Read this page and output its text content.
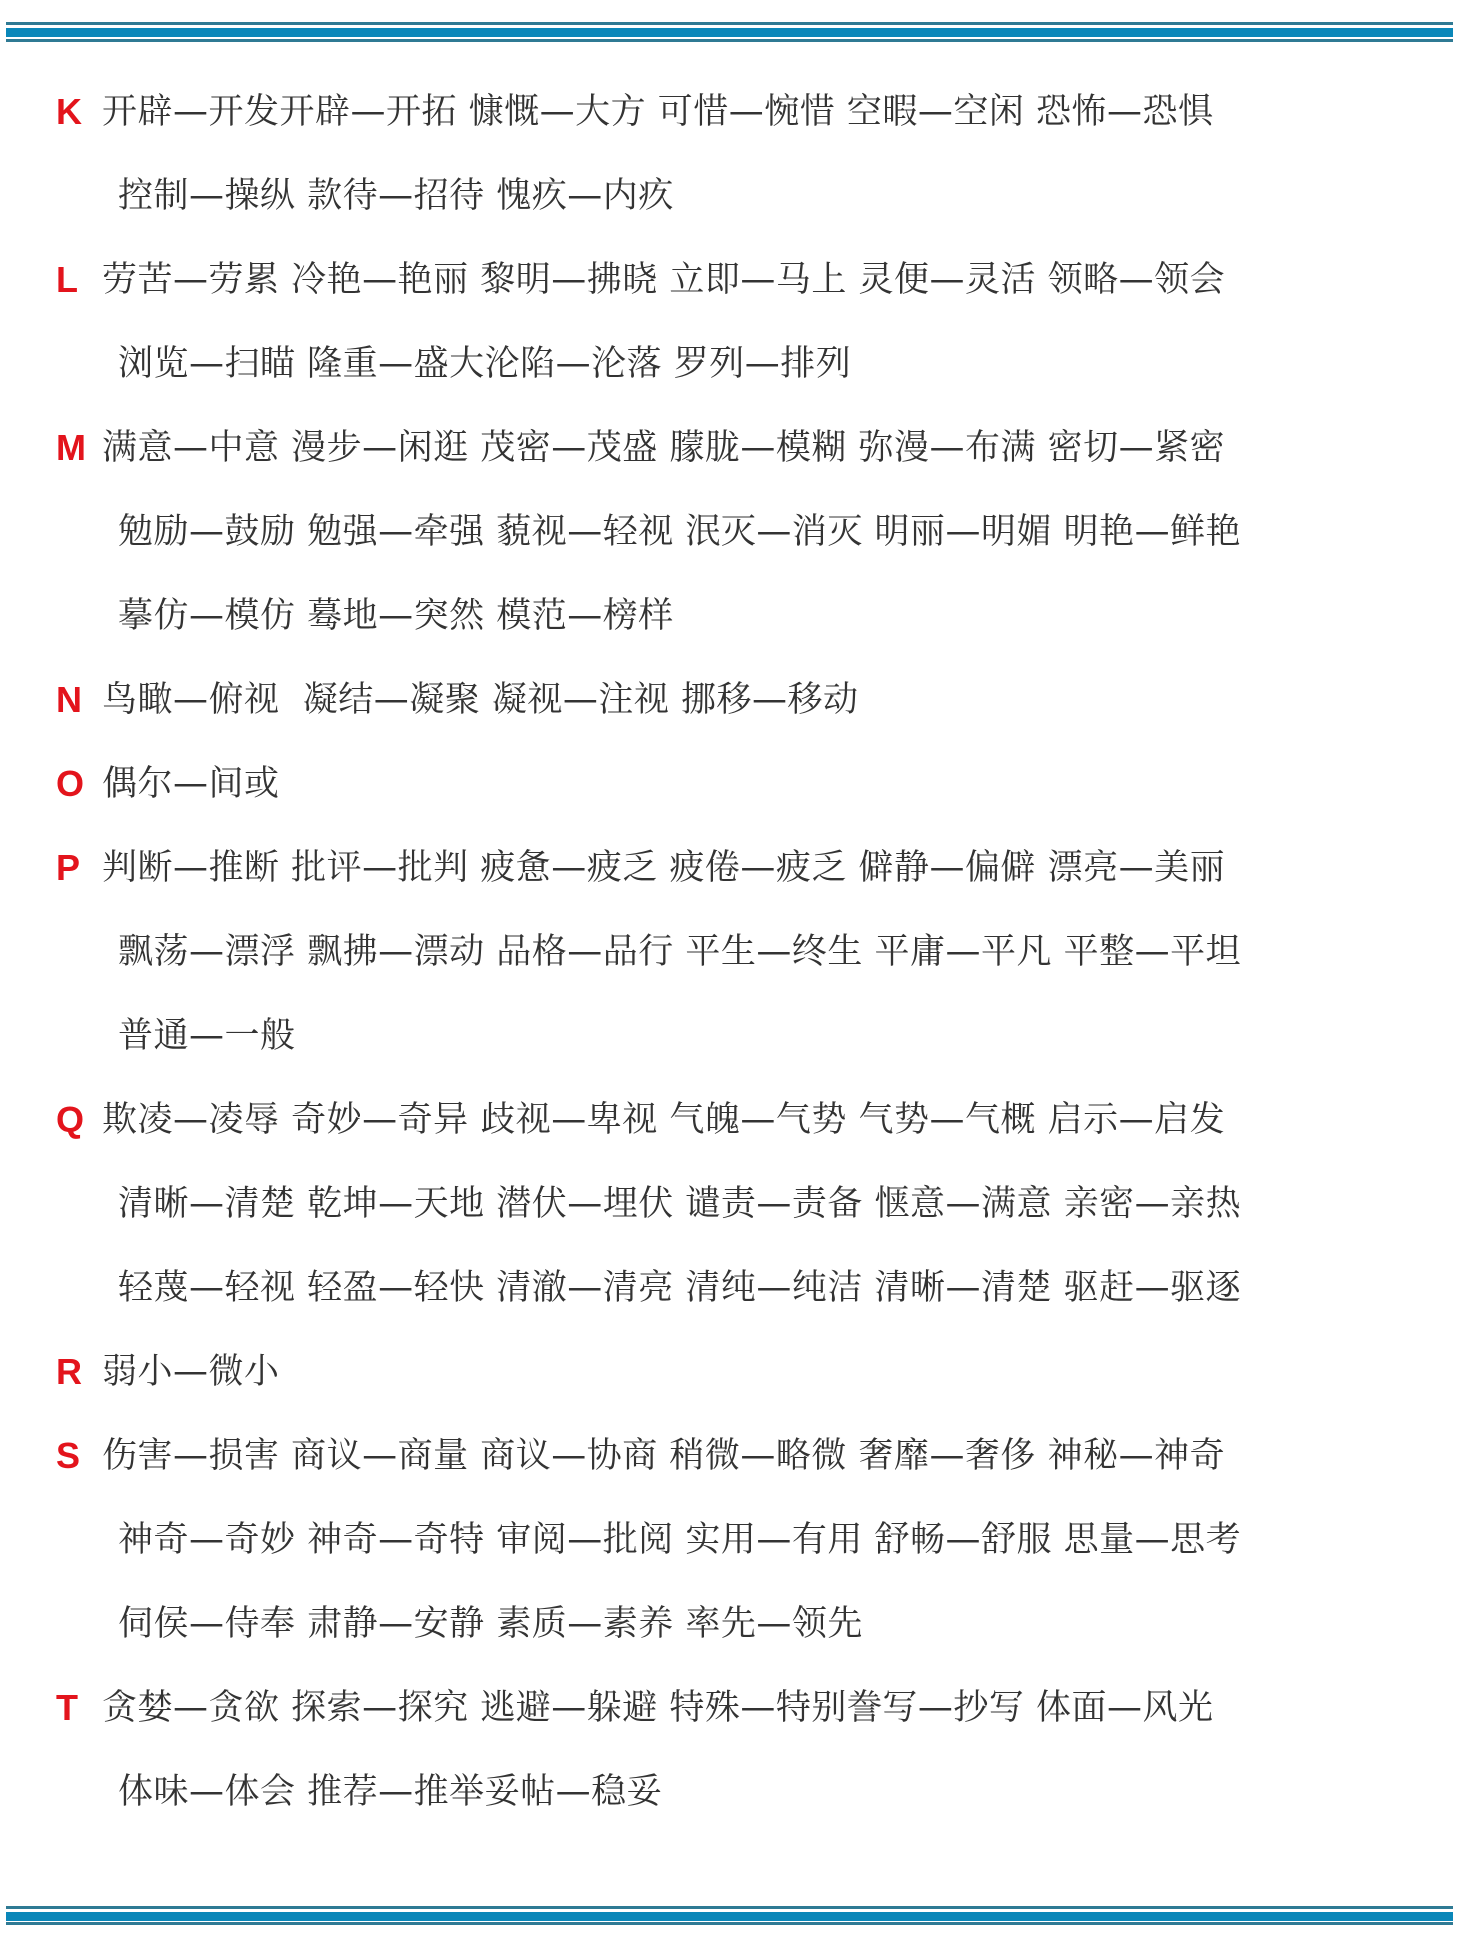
K 开辟—开发开辟—开拓 慷慨—大方 可惜—惋惜 空暇—空闲 恐怖—恐惧
控制—操纵 款待—招待 愧疚—内疚
L 劳苦—劳累 冷艳—艳丽 黎明—拂晓 立即—马上 灵便—灵活 领略—领会
浏览—扫瞄 隆重—盛大沦陷—沦落 罗列—排列
M 满意—中意 漫步—闲逛 茂密—茂盛 朦胧—模糊 弥漫—布满 密切—紧密
勉励—鼓励 勉强—牵强 藐视—轻视 泯灭—消灭 明丽—明媚 明艳—鲜艳
摹仿—模仿 蓦地—突然 模范—榜样
N 鸟瞰—俯视  凝结—凝聚 凝视—注视 挪移—移动
O 偶尔—间或
P 判断—推断 批评—批判 疲惫—疲乏 疲倦—疲乏 僻静—偏僻 漂亮—美丽
飘荡—漂浮 飘拂—漂动 品格—品行 平生—终生 平庸—平凡 平整—平坦
普通—一般
Q 欺凌—凌辱 奇妙—奇异 歧视—卑视 气魄—气势 气势—气概 启示—启发
清晰—清楚 乾坤—天地 潜伏—埋伏 谴责—责备 惬意—满意 亲密—亲热
轻蔑—轻视 轻盈—轻快 清澈—清亮 清纯—纯洁 清晰—清楚 驱赶—驱逐
R 弱小—微小
S 伤害—损害 商议—商量 商议—协商 稍微—略微 奢靡—奢侈 神秘—神奇
神奇—奇妙 神奇—奇特 审阅—批阅 实用—有用 舒畅—舒服 思量—思考
伺侯—侍奉 肃静—安静 素质—素养 率先—领先
T 贪婪—贪欲 探索—探究 逃避—躲避 特殊—特别誊写—抄写 体面—风光
体味—体会 推荐—推举妥帖—稳妥
